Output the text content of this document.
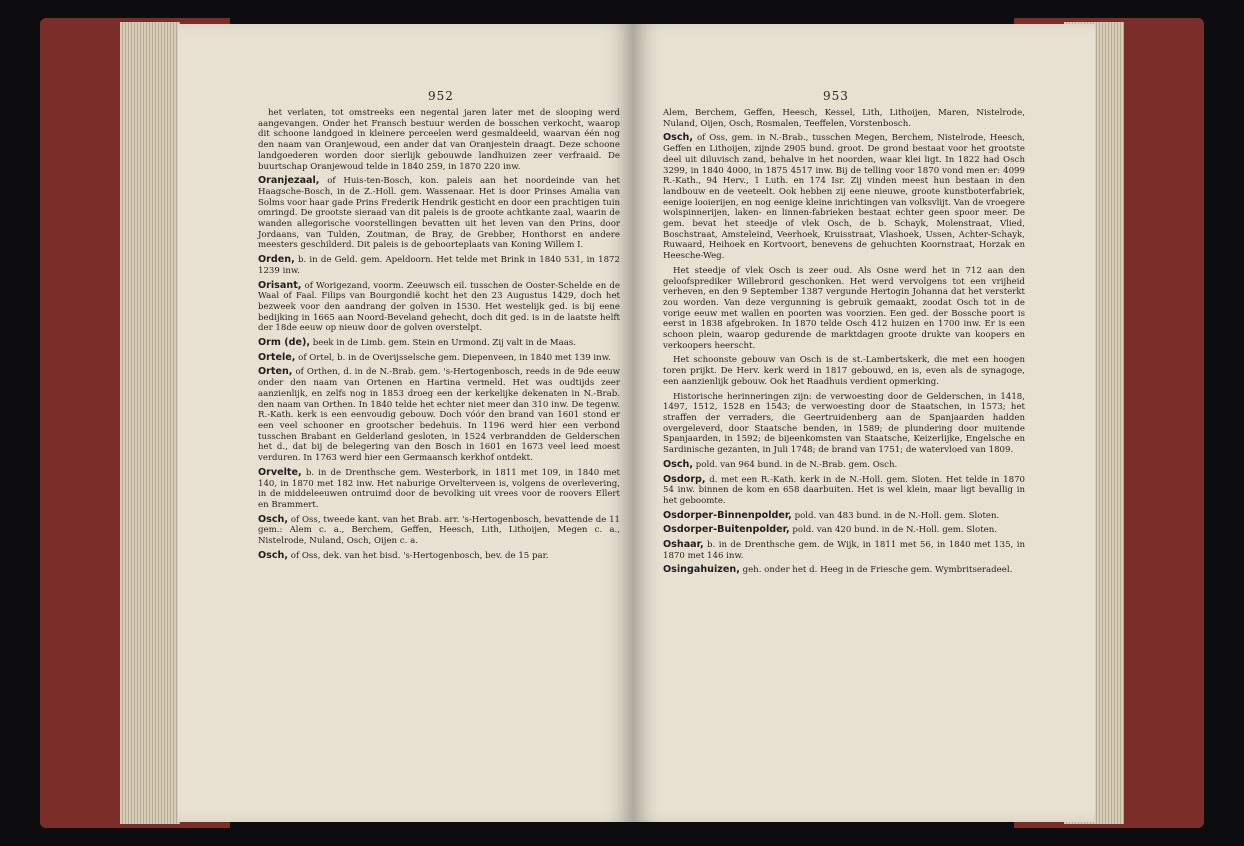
952

het verlaten, tot omstreeks een negental jaren later met de slooping werd aangevangen. Onder het Fransch bestuur werden de bosschen verkocht, waarop dit schoone landgoed in kleinere perceelen werd gesmaldeeld, waarvan één nog den naam van Oranjewoud, een ander dat van Oranjestein draagt. Deze schoone landgoederen worden door sierlijk gebouwde landhuizen zeer verfraaid. De buurtschap Oranjewoud telde in 1840 259, in 1870 220 inw.

Oranjezaal, of Huis-ten-Bosch, kon. paleis aan het noordeinde van het Haagsche-Bosch, in de Z.-Holl. gem. Wassenaar. Het is door Prinses Amalia van Solms voor haar gade Prins Frederik Hendrik gesticht en door een prachtigen tuin omringd. De grootste sieraad van dit paleis is de groote achtkante zaal, waarin de wanden allegorische voorstellingen bevatten uit het leven van den Prins, door Jordaans, van Tulden, Zoutman, de Bray, de Grebber, Honthorst en andere meesters geschilderd. Dit paleis is de geboorteplaats van Koning Willem I.

Orden, b. in de Geld. gem. Apeldoorn. Het telde met Brink in 1840 531, in 1872 1239 inw.

Orisant, of Worigezand, voorm. Zeeuwsch eil. tusschen de Ooster-Schelde en de Waal of Faal. Filips van Bourgondië kocht het den 23 Augustus 1429, doch het bezweek voor den aandrang der golven in 1530. Het westelijk ged. is bij eene bedijking in 1665 aan Noord-Beveland gehecht, doch dit ged. is in de laatste helft der 18de eeuw op nieuw door de golven overstelpt.

Orm (de), beek in de Limb. gem. Stein en Urmond. Zij valt in de Maas.

Ortele, of Ortel, b. in de Overijsselsche gem. Diepenveen, in 1840 met 139 inw.

Orten, of Orthen, d. in de N.-Brab. gem. 's-Hertogenbosch, reeds in de 9de eeuw onder den naam van Ortenen en Hartina vermeld. Het was oudtijds zeer aanzienlijk, en zelfs nog in 1853 droeg een der kerkelijke dekenaten in N.-Brab. den naam van Orthen. In 1840 telde het echter niet meer dan 310 inw. De tegenw. R.-Kath. kerk is een eenvoudig gebouw. Doch vóór den brand van 1601 stond er een veel schooner en grootscher bedehuis. In 1196 werd hier een verbond tusschen Brabant en Gelderland gesloten, in 1524 verbrandden de Gelderschen het d., dat bij de belegering van den Bosch in 1601 en 1673 veel leed moest verduren. In 1763 werd hier een Germaansch kerkhof ontdekt.

Orvelte, b. in de Drenthsche gem. Westerbork, in 1811 met 109, in 1840 met 140, in 1870 met 182 inw. Het naburige Orvelterveen is, volgens de overlevering, in de middeleeuwen ontruimd door de bevolking uit vrees voor de roovers Ellert en Brammert.

Osch, of Oss, tweede kant. van het Brab. arr. 's-Hertogenbosch, bevattende de 11 gem.: Alem c. a., Berchem, Geffen, Heesch, Lith, Lithoijen, Megen c. a., Nistelrode, Nuland, Osch, Oijen c. a.

Osch, of Oss, dek. van het bisd. 's-Hertogenbosch, bev. de 15 par.

953

Alem, Berchem, Geffen, Heesch, Kessel, Lith, Lithoijen, Maren, Nistelrode, Nuland, Oijen, Osch, Rosmalen, Teeffelen, Vorstenbosch.

Osch, of Oss, gem. in N.-Brab., tusschen Megen, Berchem, Nistelrode, Heesch, Geffen en Lithoijen, zijnde 2905 bund. groot. De grond bestaat voor het grootste deel uit diluvisch zand, behalve in het noorden, waar klei ligt. In 1822 had Osch 3299, in 1840 4000, in 1875 4517 inw. Bij de telling voor 1870 vond men er: 4099 R.-Kath., 94 Herv., 1 Luth. en 174 Isr. Zij vinden meest hun bestaan in den landbouw en de veeteelt. Ook hebben zij eene nieuwe, groote kunstboterfabriek, eenige looierijen, en nog eenige kleine inrichtingen van volksvlijt. Van de vroegere wolspinnerijen, laken- en linnen-fabrieken bestaat echter geen spoor meer. De gem. bevat het steedje of vlek Osch, de b. Schayk, Molenstraat, Vlied, Boschstraat, Amsteleind, Veerhoek, Kruisstraat, Vlashoek, Ussen, Achter-Schayk, Ruwaard, Heihoek en Kortvoort, benevens de gehuchten Koornstraat, Horzak en Heesche-Weg.

Het steedje of vlek Osch is zeer oud. Als Osne werd het in 712 aan den geloofsprediker Willebrord geschonken. Het werd vervolgens tot een vrijheid verheven, en den 9 September 1387 vergunde Hertogin Johanna dat het versterkt zou worden. Van deze vergunning is gebruik gemaakt, zoodat Osch tot in de vorige eeuw met wallen en poorten was voorzien. Een ged. der Bossche poort is eerst in 1838 afgebroken. In 1870 telde Osch 412 huizen en 1700 inw. Er is een schoon plein, waarop gedurende de marktdagen groote drukte van koopers en verkoopers heerscht.

Het schoonste gebouw van Osch is de st.-Lambertskerk, die met een hoogen toren prijkt. De Herv. kerk werd in 1817 gebouwd, en is, even als de synagoge, een aanzienlijk gebouw. Ook het Raadhuis verdient opmerking.

Historische herinneringen zijn: de verwoesting door de Gelderschen, in 1418, 1497, 1512, 1528 en 1543; de verwoesting door de Staatschen, in 1573; het straffen der verraders, die Geertruidenberg aan de Spanjaarden hadden overgeleverd, door Staatsche benden, in 1589; de plundering door muitende Spanjaarden, in 1592; de bijeenkomsten van Staatsche, Keizerlijke, Engelsche en Sardinische gezanten, in Juli 1748; de brand van 1751; de watervloed van 1809.

Osch, pold. van 964 bund. in de N.-Brab. gem. Osch.

Osdorp, d. met een R.-Kath. kerk in de N.-Holl. gem. Sloten. Het telde in 1870 54 inw. binnen de kom en 658 daarbuiten. Het is wel klein, maar ligt bevallig in het geboomte.

Osdorper-Binnenpolder, pold. van 483 bund. in de N.-Holl. gem. Sloten.

Osdorper-Buitenpolder, pold. van 420 bund. in de N.-Holl. gem. Sloten.

Oshaar, b. in de Drenthsche gem. de Wijk, in 1811 met 56, in 1840 met 135, in 1870 met 146 inw.

Osingahuizen, geh. onder het d. Heeg in de Friesche gem. Wymbritseradeel.
